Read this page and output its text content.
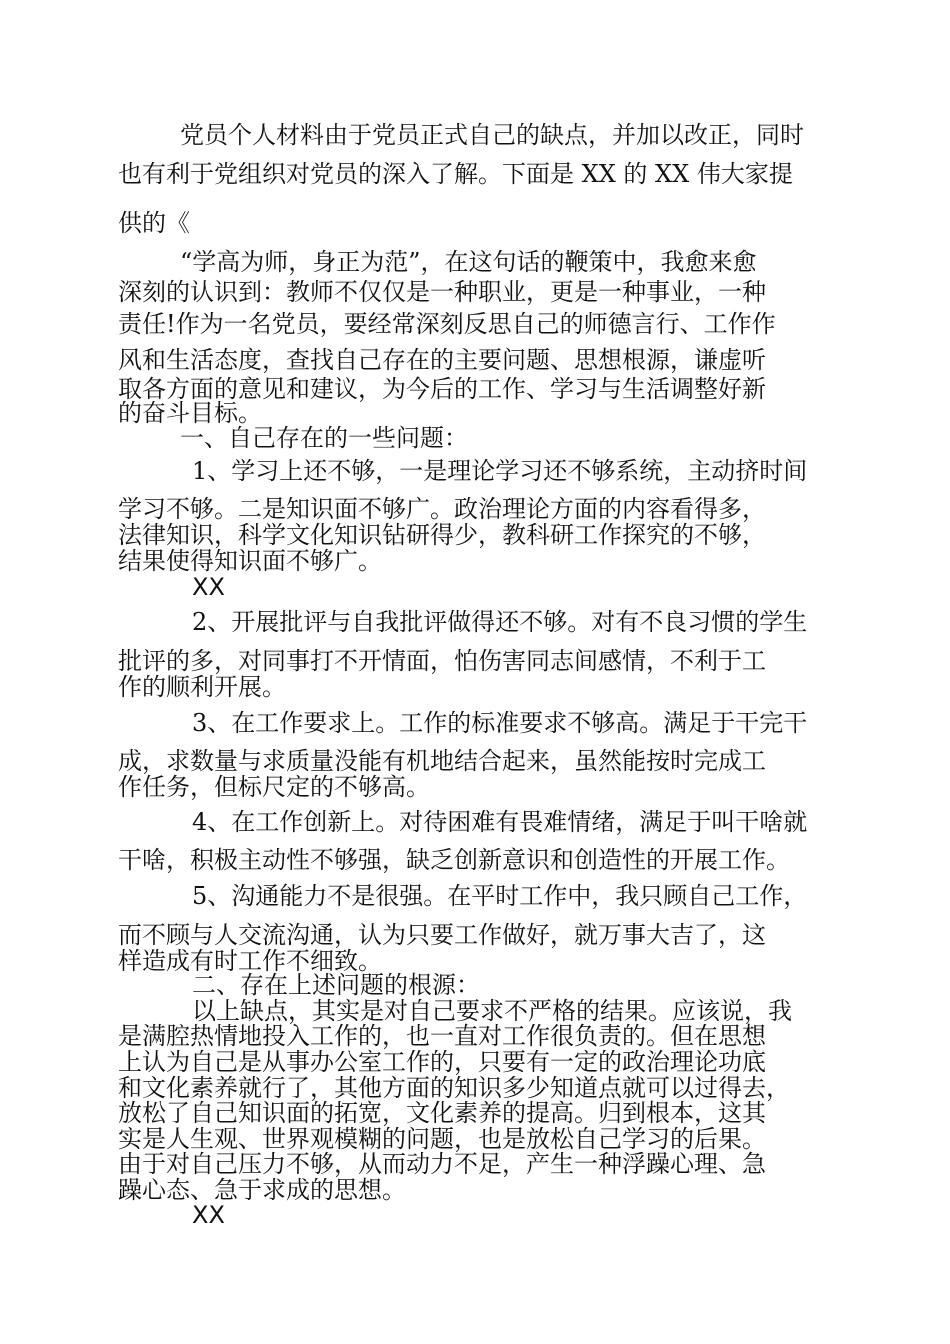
党员个人材料由于党员正式自己的缺点，并加以改正，同时

也有利于党组织对党员的深入了解。下面是 XX 的 XX 伟大家提

供的《

“学高为师，身正为范”，在这句话的鞭策中，我愈来愈

深刻的认识到：教师不仅仅是一种职业，更是一种事业，一种

责任!作为一名党员，要经常深刻反思自己的师德言行、工作作

风和生活态度，查找自己存在的主要问题、思想根源，谦虚听

取各方面的意见和建议，为今后的工作、学习与生活调整好新

的奋斗目标。

一、自己存在的一些问题：

1、学习上还不够，一是理论学习还不够系统，主动挤时间

学习不够。二是知识面不够广。政治理论方面的内容看得多，

法律知识，科学文化知识钻研得少，教科研工作探究的不够，

结果使得知识面不够广。

XX

2、开展批评与自我批评做得还不够。对有不良习惯的学生

批评的多，对同事打不开情面，怕伤害同志间感情，不利于工

作的顺利开展。

3、在工作要求上。工作的标准要求不够高。满足于干完干

成，求数量与求质量没能有机地结合起来，虽然能按时完成工

作任务，但标尺定的不够高。

4、在工作创新上。对待困难有畏难情绪，满足于叫干啥就

干啥，积极主动性不够强，缺乏创新意识和创造性的开展工作。

5、沟通能力不是很强。在平时工作中，我只顾自己工作，

而不顾与人交流沟通，认为只要工作做好，就万事大吉了，这

样造成有时工作不细致。

二、存在上述问题的根源：

以上缺点，其实是对自己要求不严格的结果。应该说，我

是满腔热情地投入工作的，也一直对工作很负责的。但在思想

上认为自己是从事办公室工作的，只要有一定的政治理论功底

和文化素养就行了，其他方面的知识多少知道点就可以过得去，

放松了自己知识面的拓宽，文化素养的提高。归到根本，这其

实是人生观、世界观模糊的问题，也是放松自己学习的后果。

由于对自己压力不够，从而动力不足，产生一种浮躁心理、急

躁心态、急于求成的思想。

XX
